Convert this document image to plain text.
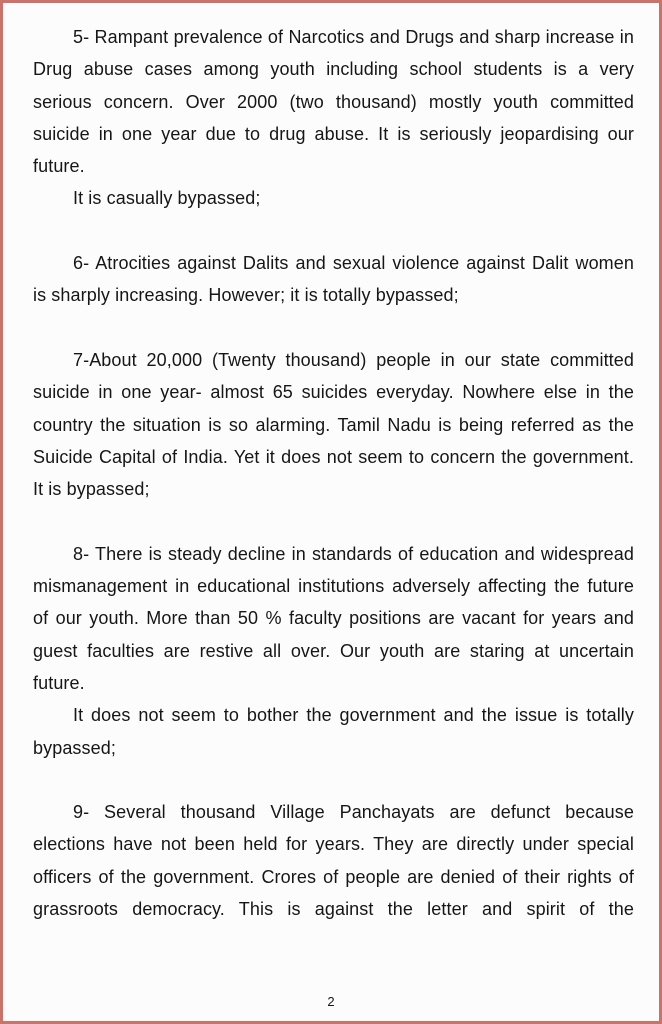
5- Rampant prevalence of Narcotics and Drugs and sharp increase in Drug abuse cases among youth including school students is a very serious concern. Over 2000 (two thousand) mostly youth committed suicide in one year due to drug abuse. It is seriously jeopardising our future.

It is casually bypassed;

6- Atrocities against Dalits and sexual violence against Dalit women is sharply increasing. However; it is totally bypassed;

7-About 20,000 (Twenty thousand) people in our state committed suicide in one year- almost 65 suicides everyday. Nowhere else in the country the situation is so alarming. Tamil Nadu is being referred as the Suicide Capital of India. Yet it does not seem to concern the government. It is bypassed;

8- There is steady decline in standards of education and widespread mismanagement in educational institutions adversely affecting the future of our youth. More than 50 % faculty positions are vacant for years and guest faculties are restive all over. Our youth are staring at uncertain future.

It does not seem to bother the government and the issue is totally bypassed;

9- Several thousand Village Panchayats are defunct because elections have not been held for years. They are directly under special officers of the government. Crores of people are denied of their rights of grassroots democracy. This is against the letter and spirit of the

2
